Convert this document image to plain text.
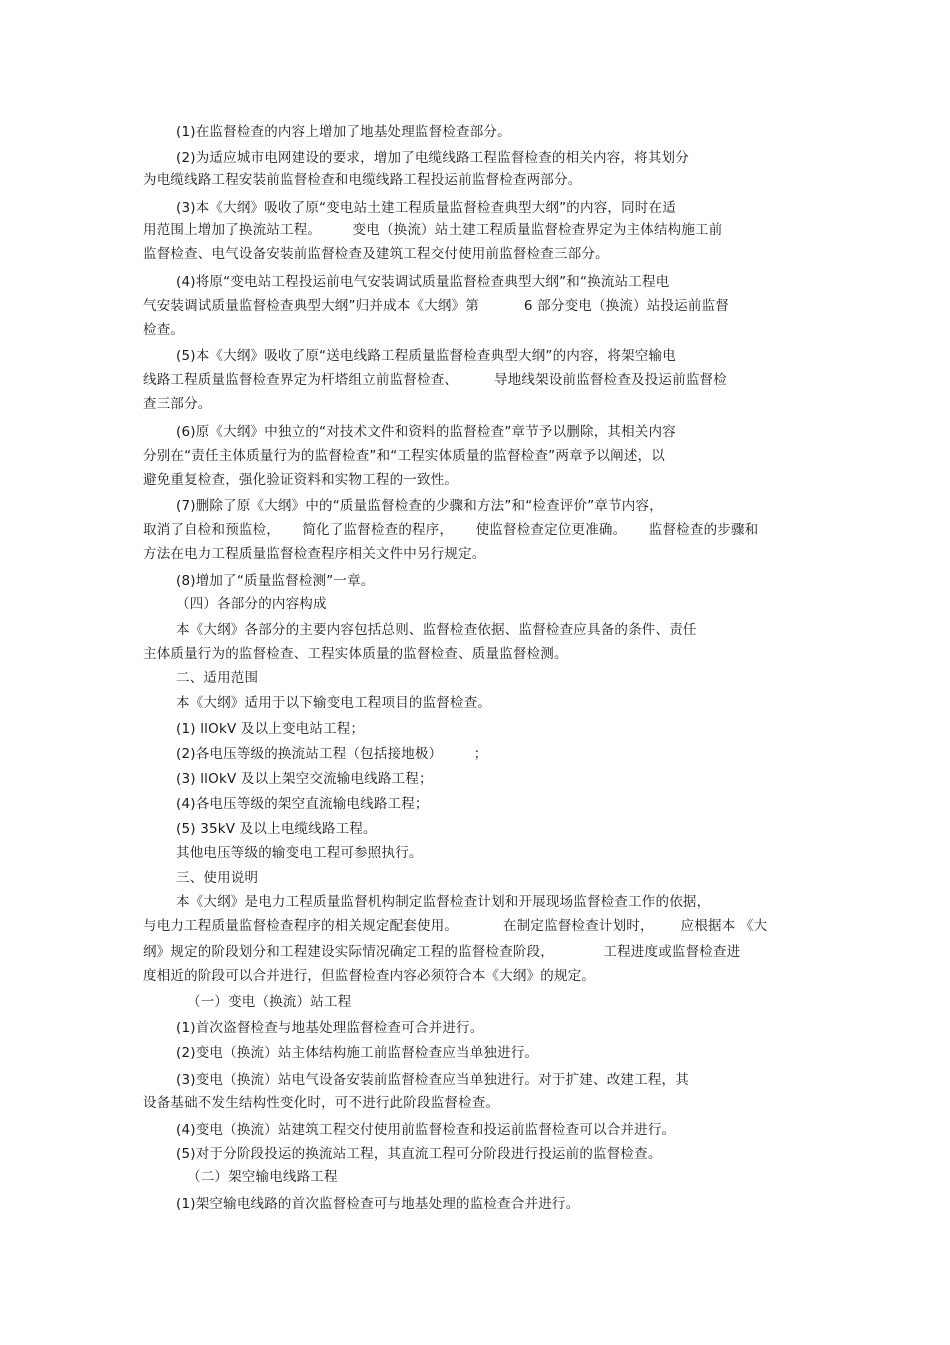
(1)在监督检查的内容上增加了地基处理监督检查部分。
(2)为适应城市电网建设的要求，增加了电缆线路工程监督检查的相关内容，将其划分
为电缆线路工程安装前监督检查和电缆线路工程投运前监督检查两部分。
(3)本《大纲》吸收了原“变电站土建工程质量监督检查典型大纲”的内容，同时在适
用范围上增加了换流站工程。       变电（换流）站土建工程质量监督检查界定为主体结构施工前
监督检查、电气设备安装前监督检查及建筑工程交付使用前监督检查三部分。
(4)将原“变电站工程投运前电气安装调试质量监督检查典型大纲”和“换流站工程电
气安装调试质量监督检查典型大纲”归并成本《大纲》第          6 部分变电（换流）站投运前监督
检查。
(5)本《大纲》吸收了原“送电线路工程质量监督检查典型大纲”的内容，将架空输电
线路工程质量监督检查界定为杆塔组立前监督检查、        导地线架设前监督检查及投运前监督检
查三部分。
(6)原《大纲》中独立的“对技术文件和资料的监督检查”章节予以删除，其相关内容
分别在“责任主体质量行为的监督检查”和“工程实体质量的监督检查”两章予以阐述，以
避免重复检查，强化验证资料和实物工程的一致性。
(7)删除了原《大纲》中的“质量监督检查的少骤和方法”和“检查评价”章节内容，
取消了自检和预监检，     简化了监督检查的程序，     使监督检查定位更准确。     监督检查的步骤和
方法在电力工程质量监督检查程序相关文件中另行规定。
(8)增加了“质量监督检测”一章。
（四）各部分的内容构成
本《大纲》各部分的主要内容包括总则、监督检查依据、监督检查应具备的条件、责任
主体质量行为的监督检查、工程实体质量的监督检查、质量监督检测。
二、适用范围
本《大纲》适用于以下输变电工程项目的监督检查。
(1) llOkV 及以上变电站工程；
(2)各电压等级的换流站工程（包括接地极）       ；
(3) llOkV 及以上架空交流输电线路工程；
(4)各电压等级的架空直流输电线路工程；
(5) 35kV 及以上电缆线路工程。
其他电压等级的输变电工程可参照执行。
三、使用说明
本《大纲》是电力工程质量监督机构制定监督检查计划和开展现场监督检查工作的依据，
与电力工程质量监督检查程序的相关规定配套使用。          在制定监督检查计划时，      应根据本 《大
纲》规定的阶段划分和工程建设实际情况确定工程的监督检查阶段，           工程进度或监督检查进
度相近的阶段可以合并进行，但监督检查内容必须符合本《大纲》的规定。
（一）变电（换流）站工程
(1)首次盗督检查与地基处理监督检查可合并进行。
(2)变电（换流）站主体结构施工前监督检查应当单独进行。
(3)变电（换流）站电气设备安装前监督检查应当单独进行。对于扩建、改建工程，其
设备基础不发生结构性变化时，可不进行此阶段监督检查。
(4)变电（换流）站建筑工程交付使用前监督检查和投运前监督检查可以合并进行。
(5)对于分阶段投运的换流站工程，其直流工程可分阶段进行投运前的监督检查。
（二）架空输电线路工程
(1)架空输电线路的首次监督检查可与地基处理的监检查合并进行。
